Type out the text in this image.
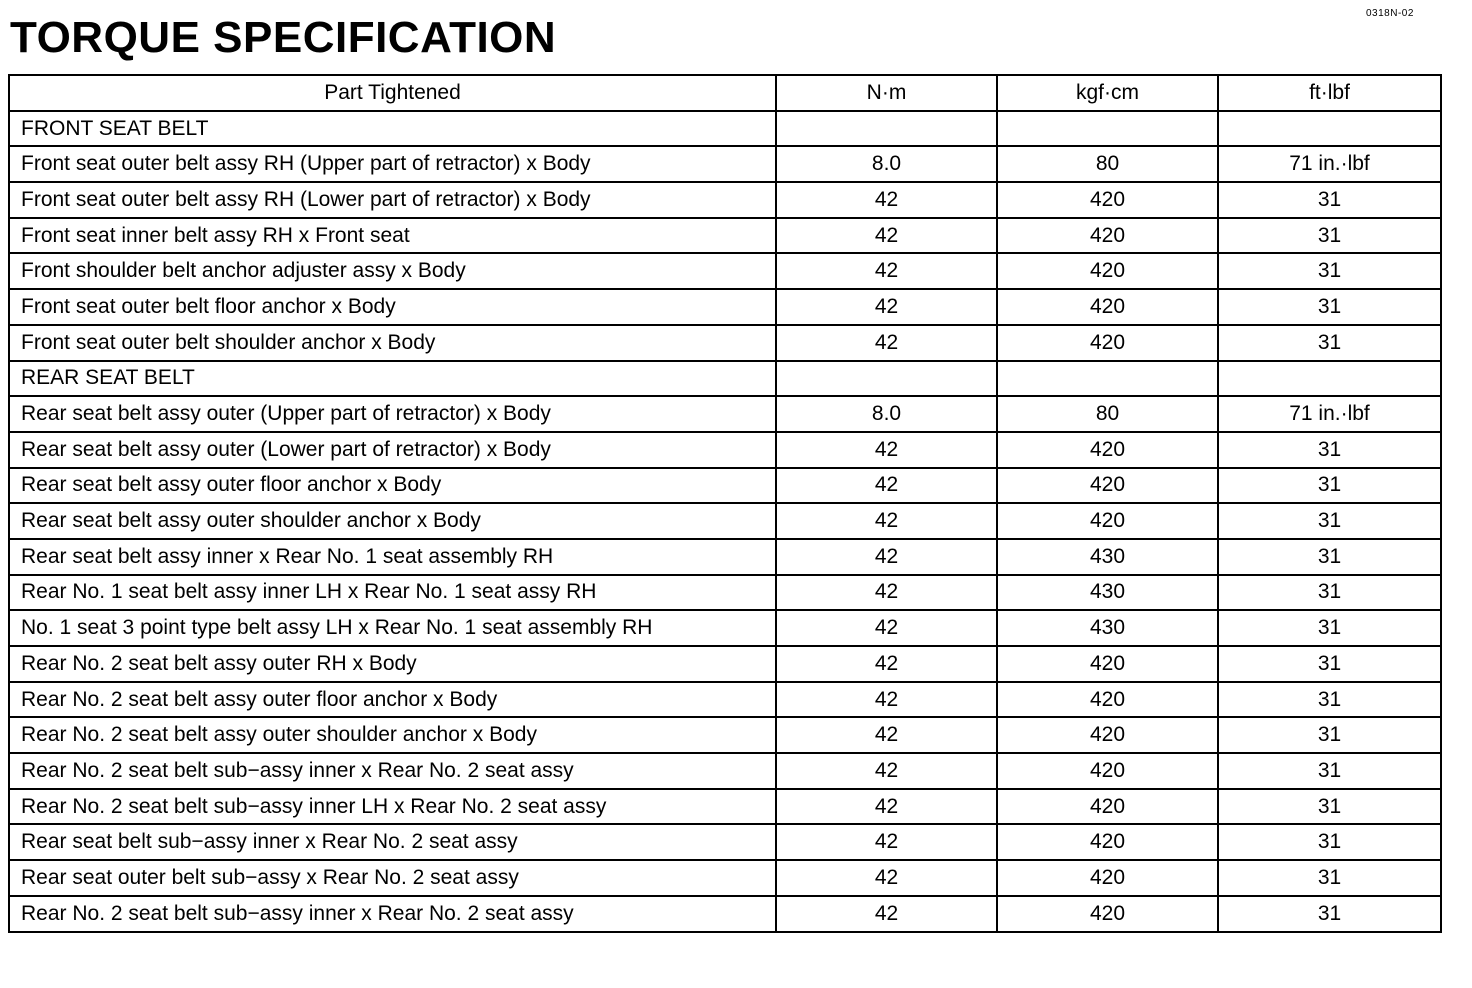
0318N-02
TORQUE SPECIFICATION
Part Tightened	N·m	kgf·cm	ft·lbf
FRONT SEAT BELT			
Front seat outer belt assy RH (Upper part of retractor) x Body	8.0	80	71 in.·lbf
Front seat outer belt assy RH (Lower part of retractor) x Body	42	420	31
Front seat inner belt assy RH x Front seat	42	420	31
Front shoulder belt anchor adjuster assy x Body	42	420	31
Front seat outer belt floor anchor x Body	42	420	31
Front seat outer belt shoulder anchor x Body	42	420	31
REAR SEAT BELT			
Rear seat belt assy outer (Upper part of retractor) x Body	8.0	80	71 in.·lbf
Rear seat belt assy outer (Lower part of retractor) x Body	42	420	31
Rear seat belt assy outer floor anchor x Body	42	420	31
Rear seat belt assy outer shoulder anchor x Body	42	420	31
Rear seat belt assy inner x Rear No. 1 seat assembly RH	42	430	31
Rear No. 1 seat belt assy inner LH x Rear No. 1 seat assy RH	42	430	31
No. 1 seat 3 point type belt assy LH x Rear No. 1 seat assembly RH	42	430	31
Rear No. 2 seat belt assy outer RH x Body	42	420	31
Rear No. 2 seat belt assy outer floor anchor x Body	42	420	31
Rear No. 2 seat belt assy outer shoulder anchor x Body	42	420	31
Rear No. 2 seat belt sub−assy inner x Rear No. 2 seat assy	42	420	31
Rear No. 2 seat belt sub−assy inner LH x Rear No. 2 seat assy	42	420	31
Rear seat belt sub−assy inner x Rear No. 2 seat assy	42	420	31
Rear seat outer belt sub−assy x Rear No. 2 seat assy	42	420	31
Rear No. 2 seat belt sub−assy inner x Rear No. 2 seat assy	42	420	31
